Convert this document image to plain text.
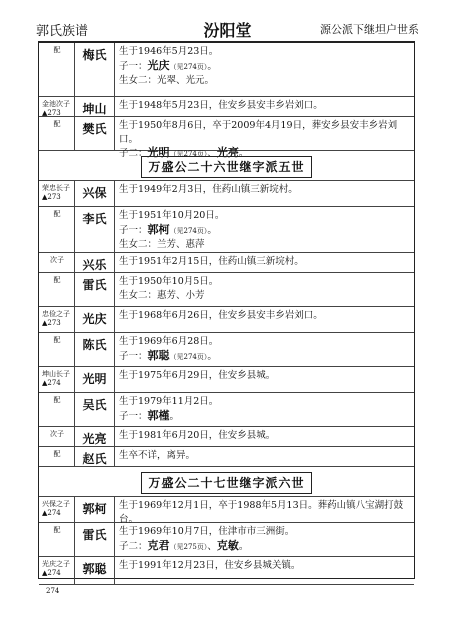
郭氏族谱	汾阳堂	源公派下继坦户世系
配	梅氏	生于1946年5月23日。
子一：光庆（见274页）。
生女二：光翠、光元。
金池次子
▲273	坤山	生于1948年5月23日，住安乡县安丰乡岩刘口。
配	樊氏	生于1950年8月6日，卒于2009年4月19日，葬安乡县安丰乡岩刘口。
子二：光明（见274页）、光亮。
万盛公二十六世继字派五世
荣忠长子
▲273	兴保	生于1949年2月3日，住药山镇三新垸村。
配	李氏	生于1951年10月20日。
子一：郭柯（见274页）。
生女二：兰芳、惠萍
次子	兴乐	生于1951年2月15日，住药山镇三新垸村。
配	雷氏	生于1950年10月5日。
生女二：惠芳、小芳
忠俭之子
▲273	光庆	生于1968年6月26日，住安乡县安丰乡岩刘口。
配	陈氏	生于1969年6月28日。
子一：郭聪（见274页）。
坤山长子
▲274	光明	生于1975年6月29日，住安乡县城。
配	吴氏	生于1979年11月2日。
子一：郭槿。
次子	光亮	生于1981年6月20日，住安乡县城。
配	赵氏	生卒不详，离异。
万盛公二十七世继字派六世
兴保之子
▲274	郭柯	生于1969年12月1日，卒于1988年5月13日。葬药山镇八宝湖打鼓台。
配	雷氏	生于1969年10月7日，住津市市三洲街。
子二：克君（见275页）、克敏。
光庆之子
▲274	郭聪	生于1991年12月23日，住安乡县城关镇。
274
